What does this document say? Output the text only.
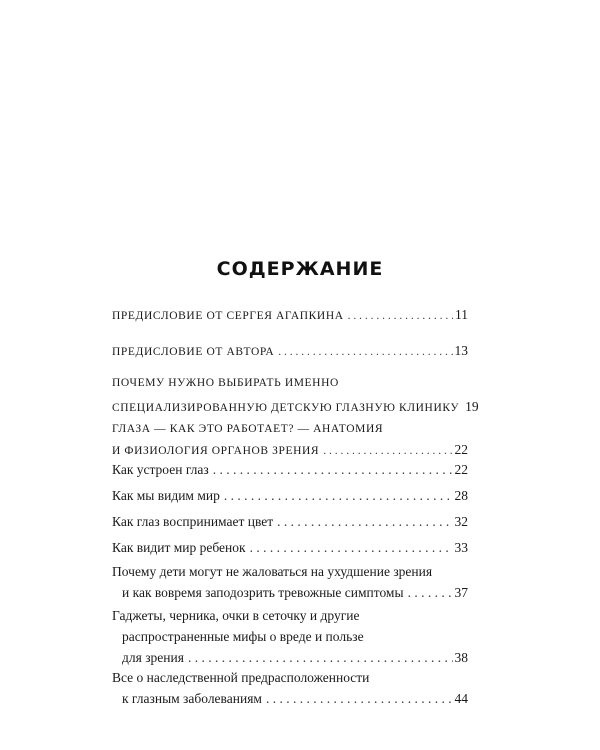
СОДЕРЖАНИЕ
ПРЕДИСЛОВИЕ ОТ СЕРГЕЯ АГАПКИНА . . .	11
ПРЕДИСЛОВИЕ ОТ АВТОРА . . .	13
ПОЧЕМУ НУЖНО ВЫБИРАТЬ ИМЕННО
СПЕЦИАЛИЗИРОВАННУЮ ДЕТСКУЮ ГЛАЗНУЮ КЛИНИКУ 19
ГЛАЗА — КАК ЭТО РАБОТАЕТ? — АНАТОМИЯ
И ФИЗИОЛОГИЯ ОРГАНОВ ЗРЕНИЯ . . .	22
Как устроен глаз . . .	22
Как мы видим мир . . .	28
Как глаз воспринимает цвет . . .	32
Как видит мир ребенок . . .	33
Почему дети могут не жаловаться на ухудшение зрения
и как вовремя заподозрить тревожные симптомы . . .	37
Гаджеты, черника, очки в сеточку и другие
распространенные мифы о вреде и пользе
для зрения . . .	38
Все о наследственной предрасположенности
к глазным заболеваниям . . .	44
